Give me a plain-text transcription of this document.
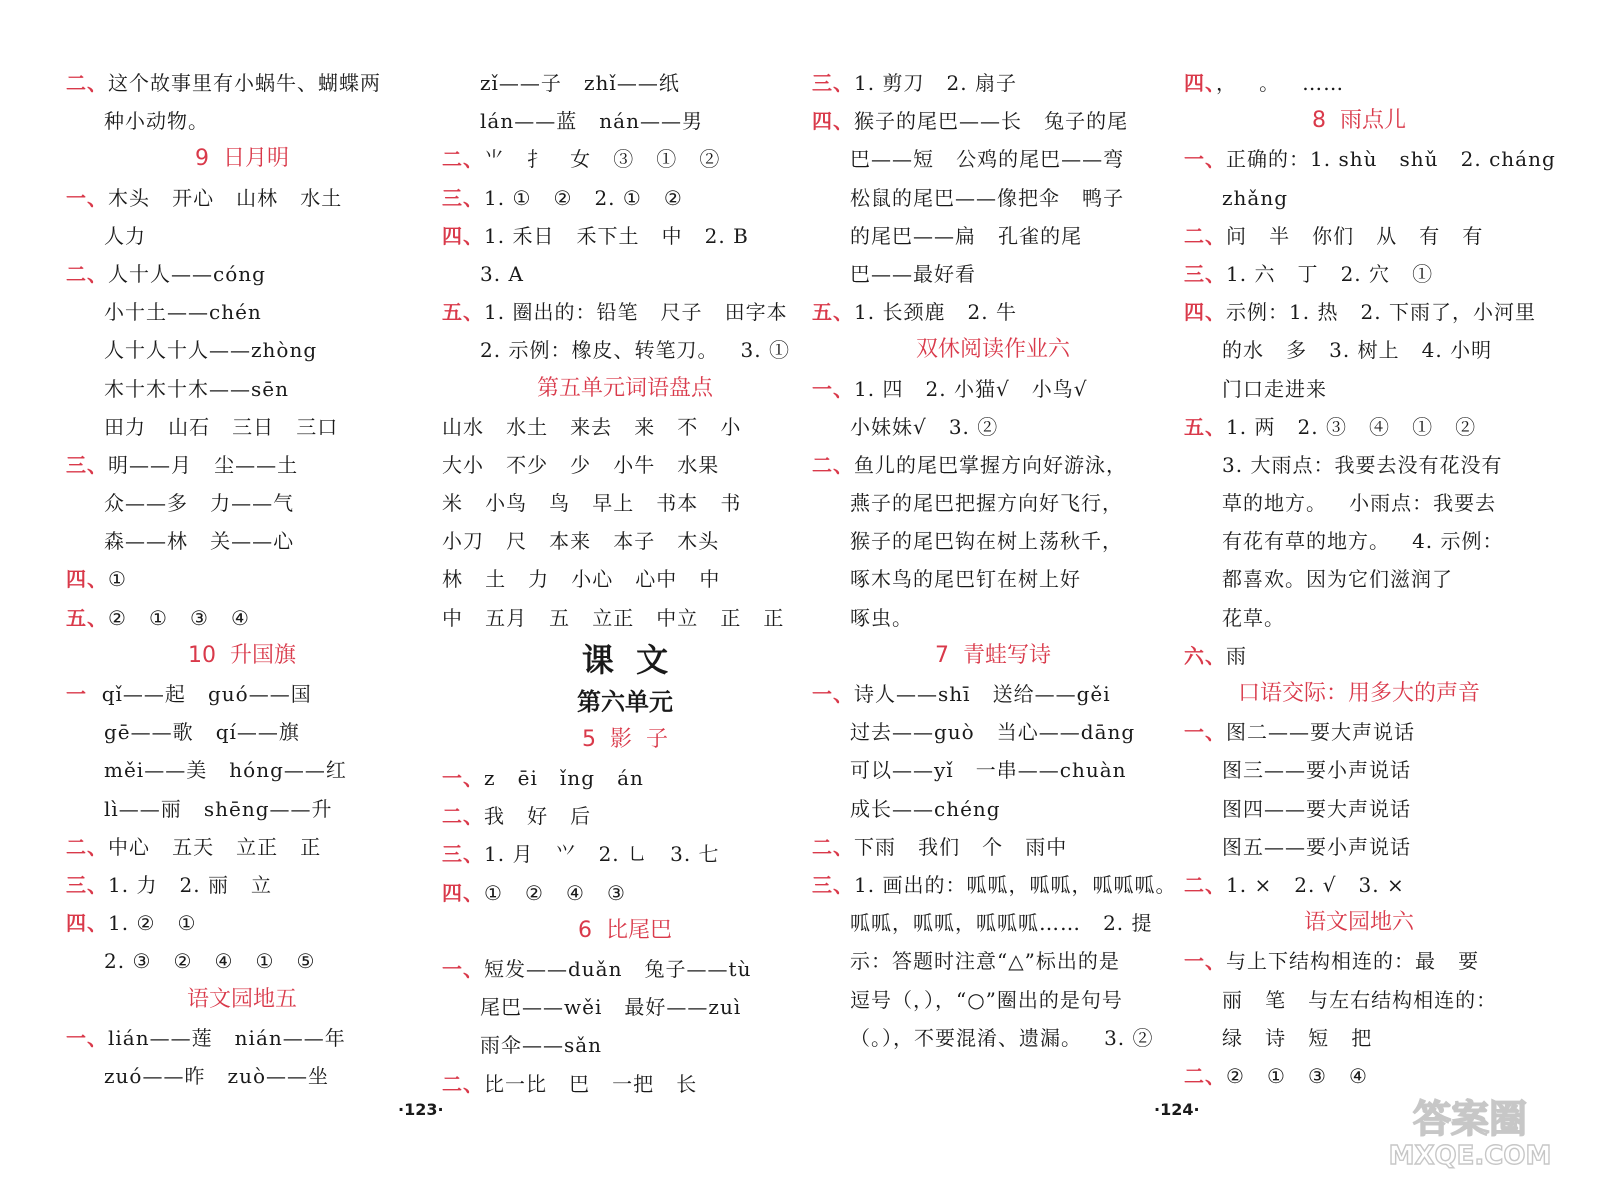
二、这个故事里有小蜗牛、蝴蝶两
种小动物。
9  日月明
一、木头   开心   山林   水土
人力
二、人十人——cóng
小十土——chén
人十人十人——zhòng
木十木十木——sēn
田力   山石   三日   三口
三、明——月   尘——土
众——多   力——气
森——林   关——心
四、①
五、②   ①   ③   ④
10  升国旗
一  qǐ——起   guó——国
gē——歌   qí——旗
měi——美   hóng——红
lì——丽   shēng——升
二、中心   五天   立正   正
三、1. 力   2. 丽   立
四、1. ②   ①
2. ③   ②   ④   ①   ⑤
语文园地五
一、lián——莲   nián——年
zuó——昨   zuò——坐
zǐ——子   zhǐ——纸
lán——蓝   nán——男
二、⺌   扌   女   ③   ①   ②
三、1. ①   ②   2. ①   ②
四、1. 禾日   禾下土   中   2. B
3. A
五、1. 圈出的：铅笔   尺子   田字本
2. 示例：橡皮、转笔刀。   3. ①
第五单元词语盘点
山水   水土   来去   来   不   小
大小   不少   少   小牛   水果
米   小鸟   鸟   早上   书本   书
小刀   尺   本来   本子   木头
林   土   力   小心   心中   中
中   五月   五   立正   中立   正   正
课  文
第六单元
5  影  子
一、z   ēi   ǐng   án
二、我   好   后
三、1. 月   ⺍   2. ㇟   3. 七
四、①   ②   ④   ③
6  比尾巴
一、短发——duǎn   兔子——tù
尾巴——wěi   最好——zuì
雨伞——sǎn
二、比一比   巴   一把   长
三、1. 剪刀   2. 扇子
四、猴子的尾巴——长   兔子的尾
巴——短   公鸡的尾巴——弯
松鼠的尾巴——像把伞   鸭子
的尾巴——扁   孔雀的尾
巴——最好看
五、1. 长颈鹿   2. 牛
双休阅读作业六
一、1. 四   2. 小猫√   小鸟√
小妹妹√   3. ②
二、鱼儿的尾巴掌握方向好游泳，
燕子的尾巴把握方向好飞行，
猴子的尾巴钩在树上荡秋千，
啄木鸟的尾巴钉在树上好
啄虫。
7  青蛙写诗
一、诗人——shī   送给——gěi
过去——guò   当心——dāng
可以——yǐ   一串——chuàn
成长——chéng
二、下雨   我们   个   雨中
三、1. 画出的：呱呱，呱呱，呱呱呱。
呱呱，呱呱，呱呱呱……   2. 提
示：答题时注意“△”标出的是
逗号（，），“○”圈出的是句号
（。），不要混淆、遗漏。   3. ②
四、，   。   ……
8  雨点儿
一、正确的：1. shù   shǔ   2. cháng
zhǎng
二、问   半   你们   从   有   有
三、1. 六   丁   2. 穴   ①
四、示例：1. 热   2. 下雨了，小河里
的水   多   3. 树上   4. 小明
门口走进来
五、1. 两   2. ③   ④   ①   ②
3. 大雨点：我要去没有花没有
草的地方。   小雨点：我要去
有花有草的地方。   4. 示例：
都喜欢。因为它们滋润了
花草。
六、雨
口语交际：用多大的声音
一、图二——要大声说话
图三——要小声说话
图四——要大声说话
图五——要小声说话
二、1. ×   2. √   3. ×
语文园地六
一、与上下结构相连的：最   要
丽   笔   与左右结构相连的：
绿   诗   短   把
二、②   ①   ③   ④
·123·	·124·	答案圈
MXQE.COM
